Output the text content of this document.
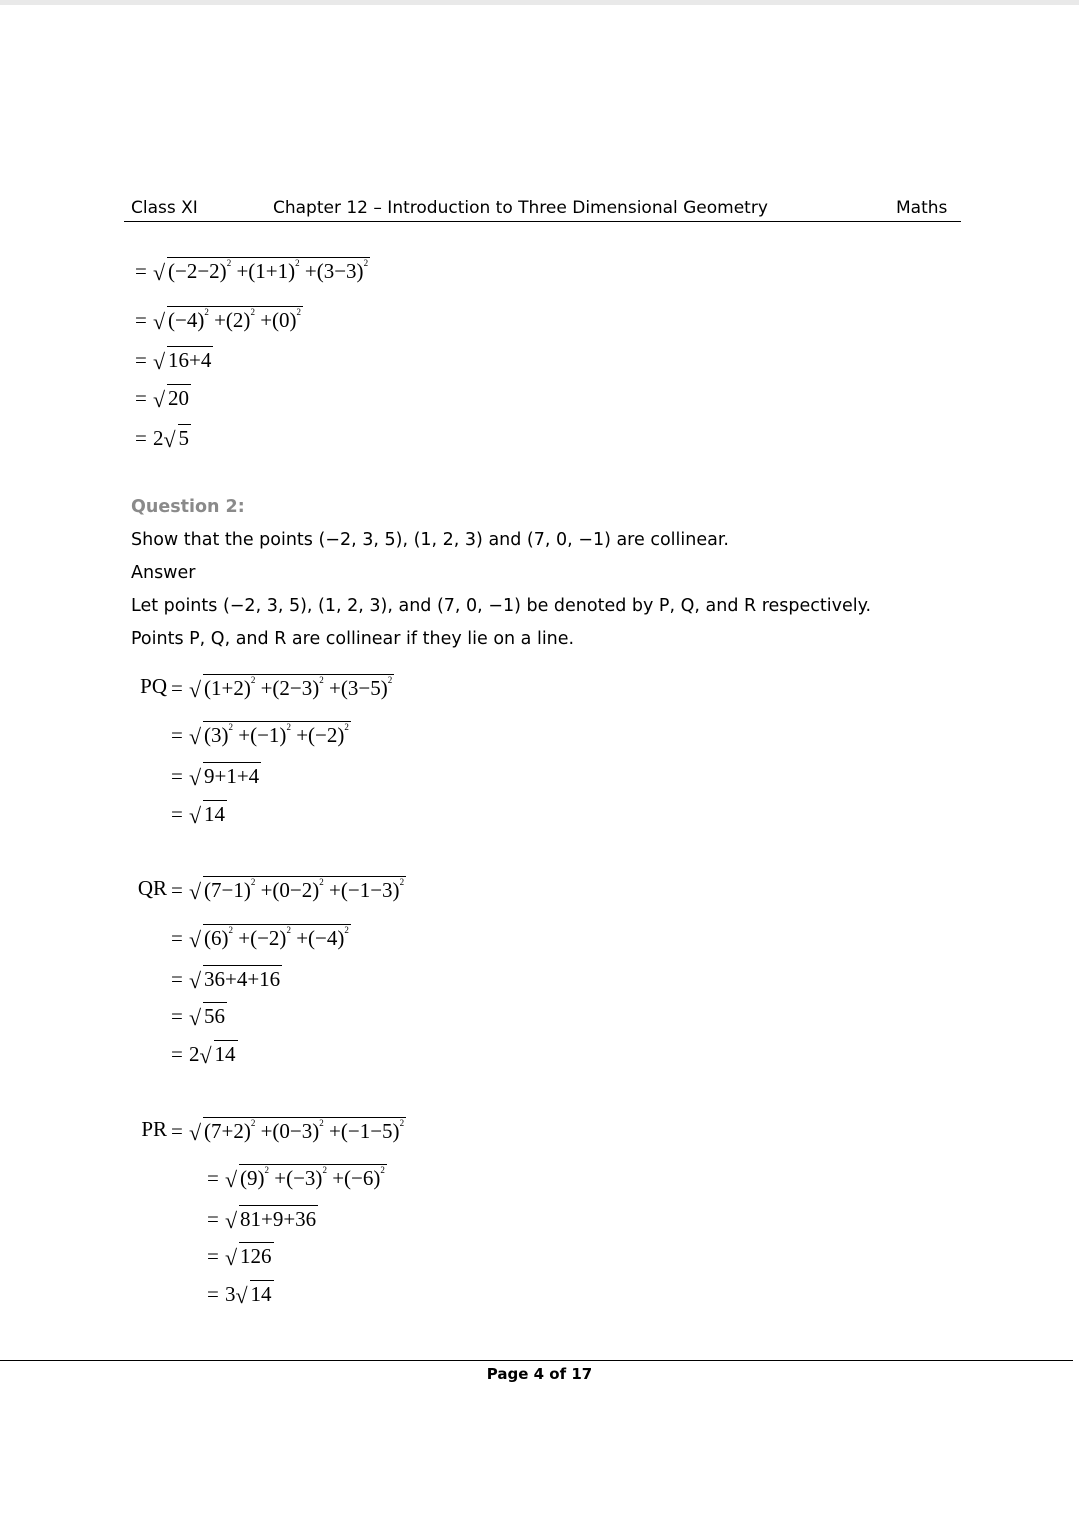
Class XI	Chapter 12 – Introduction to Three Dimensional Geometry	Maths
= √ $(-2-2)^2 +(1+1)^2 +(3-3)^2$
= √ $(-4)^2 +(2)^2 +(0)^2$
= √ 16+4
= √ 20
= 2 √ 5
Question 2:
Show that the points (−2, 3, 5), (1, 2, 3) and (7, 0, −1) are collinear.
Answer
Let points (−2, 3, 5), (1, 2, 3), and (7, 0, −1) be denoted by P, Q, and R respectively.
Points P, Q, and R are collinear if they lie on a line.
PQ = √ $(1+2)^2 +(2-3)^2 +(3-5)^2$
= √ $(3)^2 +(-1)^2 +(-2)^2$
= √ 9+1+4
= √ 14
QR = √ $(7-1)^2 +(0-2)^2 +(-1-3)^2$
= √ $(6)^2 +(-2)^2 +(-4)^2$
= √ 36+4+16
= √ 56
= 2 √ 14
PR = √ $(7+2)^2 +(0-3)^2 +(-1-5)^2$
= √ $(9)^2 +(-3)^2 +(-6)^2$
= √ 81+9+36
= √ 126
= 3 √ 14
Page 4 of 17
